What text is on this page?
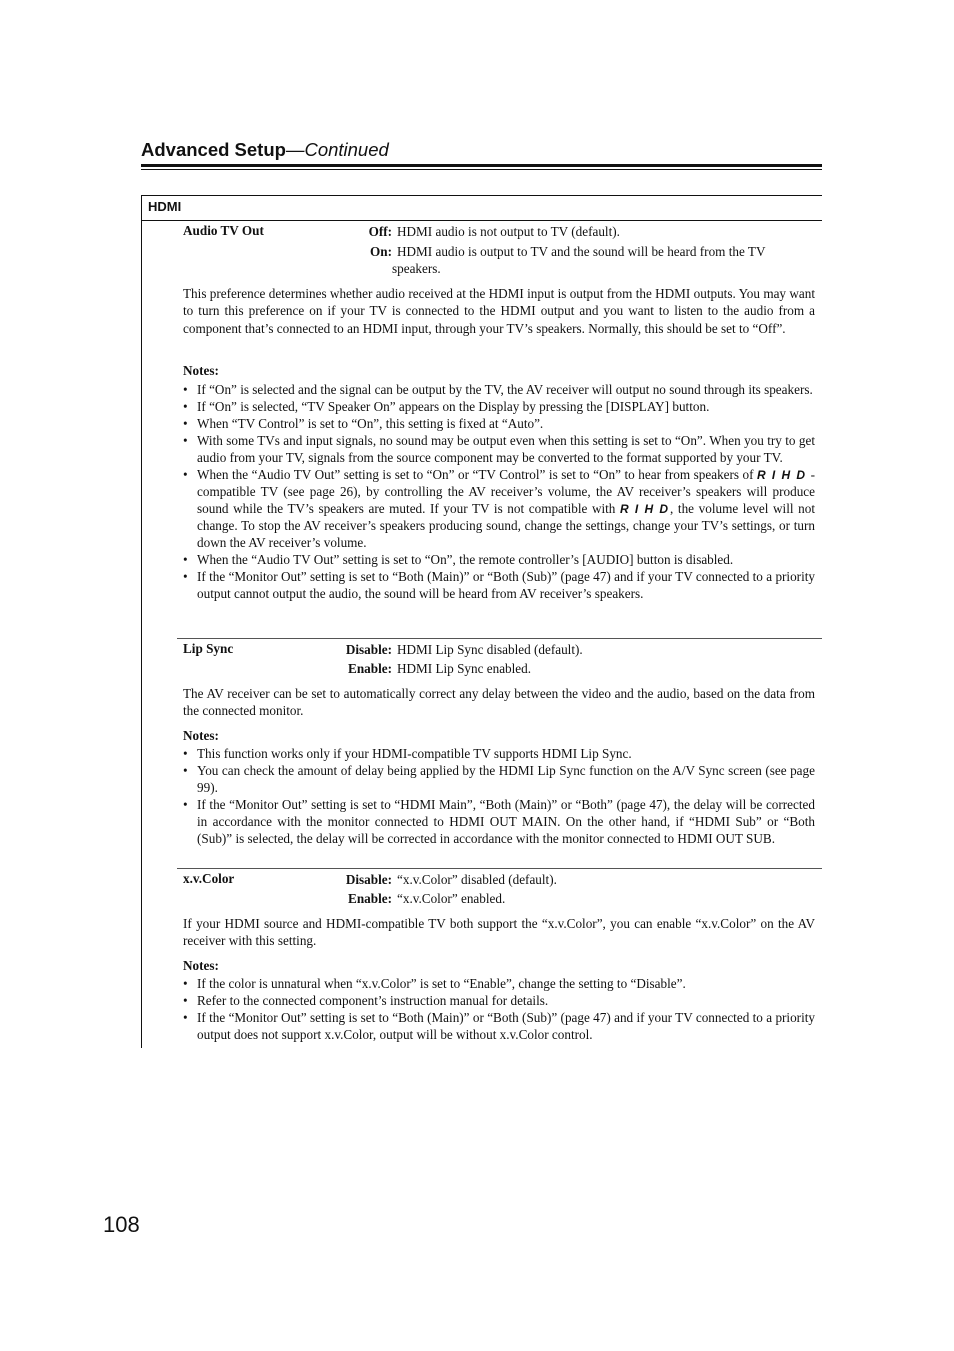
Advanced Setup—Continued
HDMI
Audio TV Out	Off: HDMI audio is not output to TV (default).
On: HDMI audio is output to TV and the sound will be heard from the TV
speakers.
This preference determines whether audio received at the HDMI input is output from the HDMI outputs. You may want to turn this preference on if your TV is connected to the HDMI output and you want to listen to the audio from a component that’s connected to an HDMI input, through your TV’s speakers. Normally, this should be set to “Off”.
Notes:
• If “On” is selected and the signal can be output by the TV, the AV receiver will output no sound through its speakers.
• If “On” is selected, “TV Speaker On” appears on the Display by pressing the [DISPLAY] button.
• When “TV Control” is set to “On”, this setting is fixed at “Auto”.
• With some TVs and input signals, no sound may be output even when this setting is set to “On”. When you try to get audio from your TV, signals from the source component may be converted to the format supported by your TV.
• When the “Audio TV Out” setting is set to “On” or “TV Control” is set to “On” to hear from speakers of RIHD -compatible TV (see page 26), by controlling the AV receiver’s volume, the AV receiver’s speakers will produce sound while the TV’s speakers are muted. If your TV is not compatible with RIHD , the volume level will not change. To stop the AV receiver’s speakers producing sound, change the settings, change your TV’s settings, or turn down the AV receiver’s volume.
• When the “Audio TV Out” setting is set to “On”, the remote controller’s [AUDIO] button is disabled.
• If the “Monitor Out” setting is set to “Both (Main)” or “Both (Sub)” (page 47) and if your TV connected to a priority output cannot output the audio, the sound will be heard from AV receiver’s speakers.
Lip Sync	Disable: HDMI Lip Sync disabled (default).
Enable: HDMI Lip Sync enabled.
The AV receiver can be set to automatically correct any delay between the video and the audio, based on the data from the connected monitor.
Notes:
• This function works only if your HDMI-compatible TV supports HDMI Lip Sync.
• You can check the amount of delay being applied by the HDMI Lip Sync function on the A/V Sync screen (see page 99).
• If the “Monitor Out” setting is set to “HDMI Main”, “Both (Main)” or “Both” (page 47), the delay will be corrected in accordance with the monitor connected to HDMI OUT MAIN. On the other hand, if “HDMI Sub” or “Both (Sub)” is selected, the delay will be corrected in accordance with the monitor connected to HDMI OUT SUB.
x.v.Color	Disable: “x.v.Color” disabled (default).
Enable: “x.v.Color” enabled.
If your HDMI source and HDMI-compatible TV both support the “x.v.Color”, you can enable “x.v.Color” on the AV receiver with this setting.
Notes:
• If the color is unnatural when “x.v.Color” is set to “Enable”, change the setting to “Disable”.
• Refer to the connected component’s instruction manual for details.
• If the “Monitor Out” setting is set to “Both (Main)” or “Both (Sub)” (page 47) and if your TV connected to a priority output does not support x.v.Color, output will be without x.v.Color control.
108
